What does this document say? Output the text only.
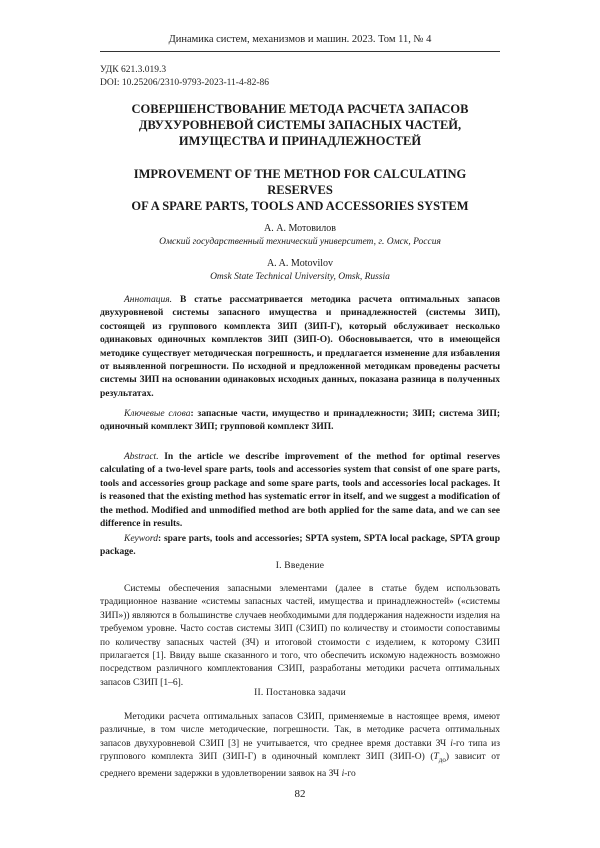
Динамика систем, механизмов и машин. 2023. Том 11, № 4
УДК 621.3.019.3
DOI: 10.25206/2310-9793-2023-11-4-82-86
СОВЕРШЕНСТВОВАНИЕ МЕТОДА РАСЧЕТА ЗАПАСОВ
ДВУХУРОВНЕВОЙ СИСТЕМЫ ЗАПАСНЫХ ЧАСТЕЙ,
ИМУЩЕСТВА И ПРИНАДЛЕЖНОСТЕЙ
IMPROVEMENT OF THE METHOD FOR CALCULATING RESERVES
OF A SPARE PARTS, TOOLS AND ACCESSORIES SYSTEM
А. А. Мотовилов
Омский государственный технический университет, г. Омск, Россия
A. A. Motovilov
Omsk State Technical University, Omsk, Russia
Аннотация. В статье рассматривается методика расчета оптимальных запасов двухуровневой системы запасного имущества и принадлежностей (системы ЗИП), состоящей из группового комплекта ЗИП (ЗИП-Г), который обслуживает несколько одинаковых одиночных комплектов ЗИП (ЗИП-О). Обосновывается, что в имеющейся методике существует методическая погрешность, и предлагается изменение для избавления от выявленной погрешности. По исходной и предложенной методикам проведены расчеты системы ЗИП на основании одинаковых исходных данных, показана разница в полученных результатах.
Ключевые слова: запасные части, имущество и принадлежности; ЗИП; система ЗИП; одиночный комплект ЗИП; групповой комплект ЗИП.
Abstract. In the article we describe improvement of the method for optimal reserves calculating of a two-level spare parts, tools and accessories system that consist of one spare parts, tools and accessories group package and some spare parts, tools and accessories local packages. It is reasoned that the existing method has systematic error in itself, and we suggest a modification of the method. Modified and unmodified method are both applied for the same data, and we can see difference in results.
Keyword: spare parts, tools and accessories; SPTA system, SPTA local package, SPTA group package.
I. Введение
Системы обеспечения запасными элементами (далее в статье будем использовать традиционное название «системы запасных частей, имущества и принадлежностей» («системы ЗИП»)) являются в большинстве случаев необходимыми для поддержания надежности изделия на требуемом уровне. Часто состав системы ЗИП (СЗИП) по количеству и стоимости сопоставимы по количеству запасных частей (ЗЧ) и итоговой стоимости с изделием, к которому СЗИП прилагается [1]. Ввиду выше сказанного и того, что обеспечить искомую надежность возможно посредством различного комплектования СЗИП, разработаны методики расчета оптимальных запасов СЗИП [1–6].
II. Постановка задачи
Методики расчета оптимальных запасов СЗИП, применяемые в настоящее время, имеют различные, в том числе методические, погрешности. Так, в методике расчета оптимальных запасов двухуровневой СЗИП [3] не учитывается, что среднее время доставки ЗЧ i-го типа из группового комплекта ЗИП (ЗИП-Г) в одиночный комплект ЗИП (ЗИП-О) $(T_{дo})$ зависит от среднего времени задержки в удовлетворении заявок на ЗЧ i-го
82
